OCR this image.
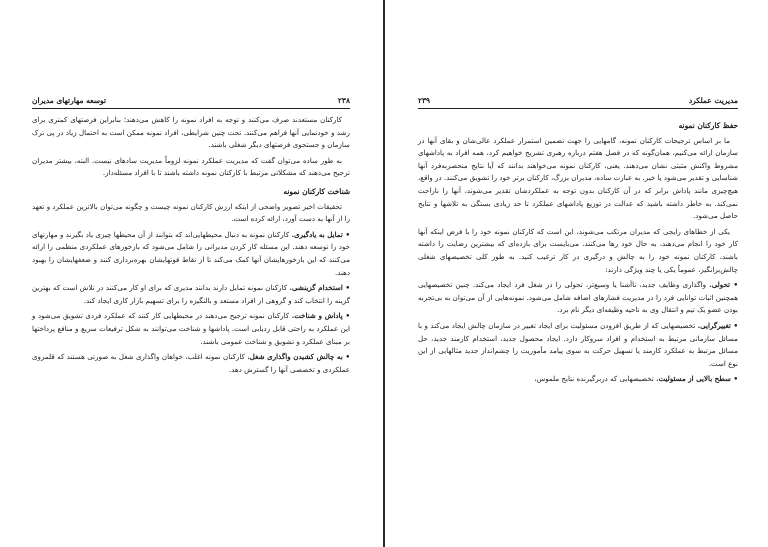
۲۳۸
توسعه مهارتهای مدیران

کارکنان مستعدند صرف می‌کنند و توجه به افراد نمونه را کاهش می‌دهند؛ بنابراین فرصتهای کمتری برای رشد و خودنمایی آنها فراهم می‌کنند. تحت چنین شرایطی، افراد نمونه ممکن است به احتمال زیاد در پی ترک سازمان و جستجوی فرصتهای دیگر شغلی باشند.

به طور ساده می‌توان گفت که مدیریت عملکرد نمونه لزوماً مدیریت سادهای نیست. البته، بیشتر مدیران ترجیح می‌دهند که مشکلاتی مرتبط با کارکنان نمونه داشته باشند تا با افراد مسئله‌دار.

شناخت کارکنان نمونه

تحقیقات اخیر تصویر واضحی از اینکه ارزش کارکنان نمونه چیست و چگونه می‌توان بالاترین عملکرد و تعهد را از آنها به دست آورد، ارائه کرده است.

• تمایل به یادگیری. کارکنان نمونه به دنبال محیطهایی‌اند که بتوانند از آن محیطها چیزی یاد بگیرند و مهارتهای خود را توسعه دهند. این مسئله کار کردن مدیرانی را شامل می‌شود که بازخورهای عملکردی منظمی را ارائه می‌کنند که این بازخورهایشان آنها کمک می‌کند تا از نقاط قوتهایشان بهره‌برداری کنند و ضعفهایشان را بهبود دهند.

• استخدام گزینشی. کارکنان نمونه تمایل دارند بدانند مدیری که برای او کار می‌کنند در تلاش است که بهترین گزینه را انتخاب کند و گروهی از افراد مستعد و بالنگیزه را برای تسهیم بازار کاری ایجاد کند.

• پاداش و شناخت. کارکنان نمونه ترجیح می‌دهند در محیطهایی کار کنند که عملکرد فردی تشویق می‌شود و این عملکرد به راحتی قابل ردیابی است. پاداشها و شناخت می‌توانند به شکل ترفیعات سریع و منافع پرداختها بر مبنای عملکرد و تشویق و شناخت عمومی باشند.

• به چالش کشیدن واگذاری شغل. کارکنان نمونه اغلب، خواهان واگذاری شغل به صورتی هستند که قلمروی عملکردی و تخصصی آنها را گسترش دهد.

مدیریت عملکرد
۲۳۹

حفظ کارکنان نمونه

ما بر اساس ترجیحات کارکنان نمونه، گامهایی را جهت تضمین استمرار عملکرد عالی‌شان و بقای آنها در سازمان ارائه می‌کنیم، همان‌گونه که در فصل هفتم درباره رهبری تشریح خواهیم کرد، همه افراد به پاداشهای مشروط واکنش مثبتی نشان می‌دهند. یعنی، کارکنان نمونه می‌خواهند بدانند که آیا نتایج منحصربه‌فرد آنها شناسایی و تقدیر می‌شود یا خیر. به عبارت ساده، مدیران بزرگ، کارکنان برتر خود را تشویق می‌کنند. در واقع، هیچ‌چیزی مانند پاداش برابر که در آن کارکنان بدون توجه به عملکردشان تقدیر می‌شوند، آنها را ناراحت نمی‌کند. به خاطر داشته باشید که عدالت در توزیع پاداشهای عملکرد تا حد زیادی بستگی به تلاشها و نتایج حاصل می‌شود.

یکی از خطاهای رایجی که مدیران مرتکب می‌شوند، این است که کارکنان نمونه خود را با فرض اینکه آنها کار خود را انجام می‌دهند، به حال خود رها می‌کنند. می‌بایست برای بازده‌ای که بیشترین رضایت را داشته باشند، کارکنان نمونه خود را به چالش و درگیری در کار ترغیب کنید. به طور کلی تخصیصهای شغلی چالش‌برانگیز، عموماً یکی یا چند ویژگی دارند:

• تحولی. واگذاری وظایف جدید، ناآشنا یا وسیع‌تر، تحولی را در شغل فرد ایجاد می‌کند. چنین تخصیصهایی همچنین اثبات توانایی فرد را در مدیریت فشارهای اضافه شامل می‌شود. نمونه‌هایی از آن می‌توان به بی‌تجربه بودن عضو یک تیم و انتقال وی به ناحیه وظیفه‌ای دیگر نام برد.

• تغییرگرایی. تخصیصهایی که از طریق افزودن مسئولیت برای ایجاد تغییر در سازمان چالش ایجاد می‌کند و با مسائل سازمانی مرتبط به استخدام و افراد سروکار دارد. ایجاد محصول جدید، استخدام کارمند جدید، حل مسائل مرتبط به عملکرد کارمند یا تسهیل حرکت به سوی پیامد مأموریت را چشم‌انداز جدید مثالهایی از این نوع است.

• سطح بالایی از مسئولیت. تخصیصهایی که دربرگیرنده نتایج ملموس،
